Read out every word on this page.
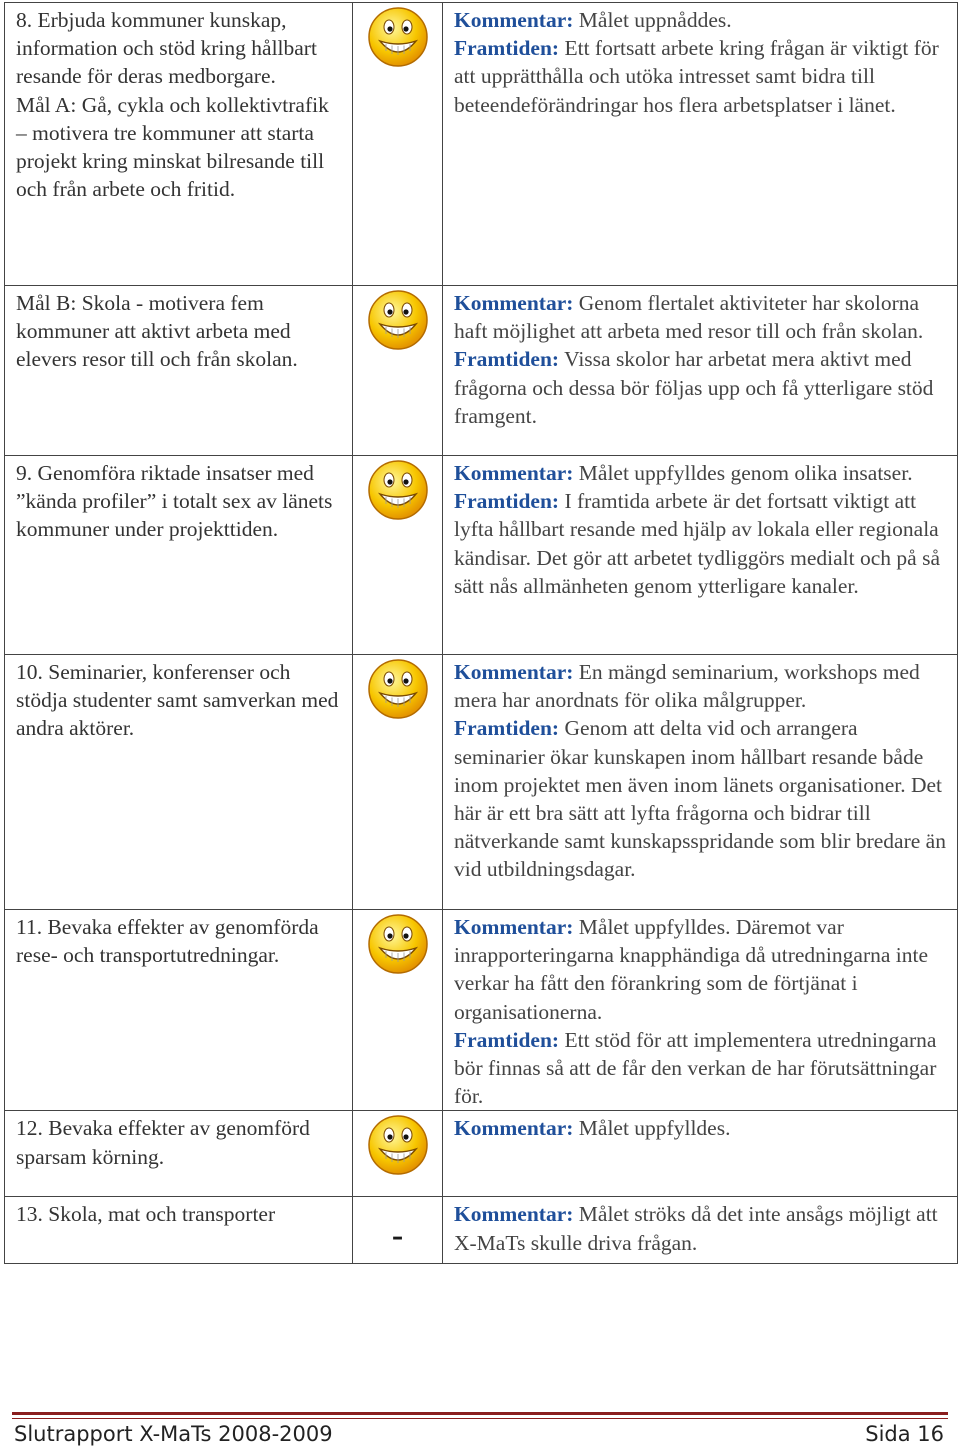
8. Erbjuda kommuner kunskap, information och stöd kring hållbart resande för deras medborgare.
Mål A: Gå, cykla och kollektivtrafik – motivera tre kommuner att starta projekt kring minskat bilresande till och från arbete och fritid.		Kommentar: Målet uppnåddes.
Framtiden: Ett fortsatt arbete kring frågan är viktigt för att upprätthålla och utöka intresset samt bidra till beteendeförändringar hos flera arbetsplatser i länet.

Mål B: Skola - motivera fem kommuner att aktivt arbeta med elevers resor till och från skolan.		Kommentar: Genom flertalet aktiviteter har skolorna haft möjlighet att arbeta med resor till och från skolan.
Framtiden: Vissa skolor har arbetat mera aktivt med frågorna och dessa bör följas upp och få ytterligare stöd framgent.

9. Genomföra riktade insatser med ”kända profiler” i totalt sex av länets kommuner under projekttiden.		Kommentar: Målet uppfylldes genom olika insatser.
Framtiden: I framtida arbete är det fortsatt viktigt att lyfta hållbart resande med hjälp av lokala eller regionala kändisar. Det gör att arbetet tydliggörs medialt och på så sätt nås allmänheten genom ytterligare kanaler.

10. Seminarier, konferenser och stödja studenter samt samverkan med andra aktörer.		Kommentar: En mängd seminarium, workshops med mera har anordnats för olika målgrupper.
Framtiden: Genom att delta vid och arrangera seminarier ökar kunskapen inom hållbart resande både inom projektet men även inom länets organisationer. Det här är ett bra sätt att lyfta frågorna och bidrar till nätverkande samt kunskapsspridande som blir bredare än vid utbildningsdagar.

11. Bevaka effekter av genomförda rese- och transportutredningar.		Kommentar: Målet uppfylldes. Däremot var inrapporteringarna knapphändiga då utredningarna inte verkar ha fått den förankring som de förtjänat i organisationerna.
Framtiden: Ett stöd för att implementera utredningarna bör finnas så att de får den verkan de har förutsättningar för.

12. Bevaka effekter av genomförd sparsam körning.		Kommentar: Målet uppfylldes.

13. Skola, mat och transporter	-	Kommentar: Målet ströks då det inte ansågs möjligt att X-MaTs skulle driva frågan.
Slutrapport X-MaTs 2008-2009	Sida 16
